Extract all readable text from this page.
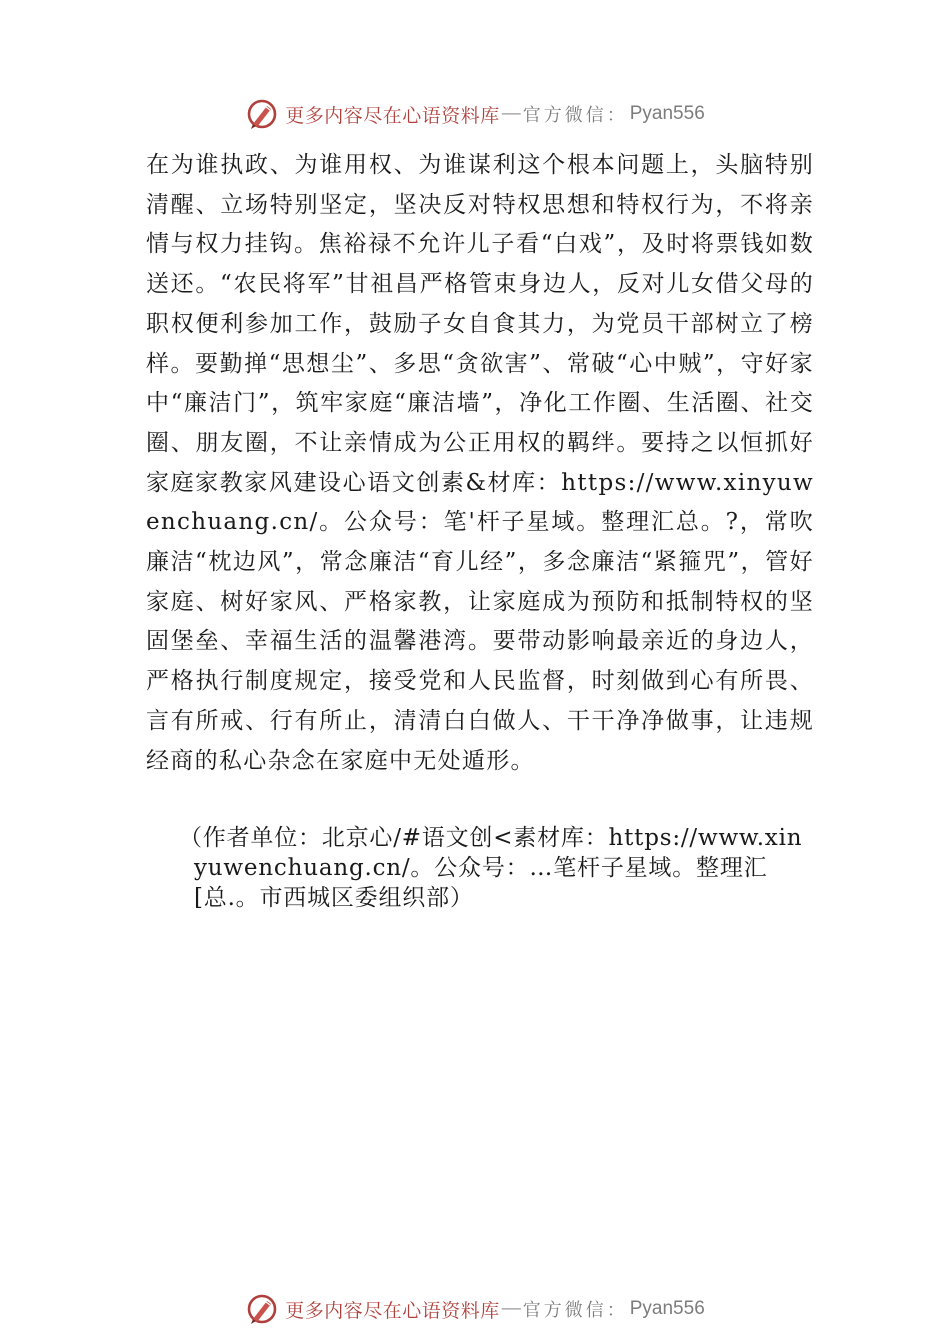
更多内容尽在心语资料库 — 官方微信： Pyan556

在为谁执政、为谁用权、为谁谋利这个根本问题上，头脑特别清醒、立场特别坚定，坚决反对特权思想和特权行为，不将亲情与权力挂钩。焦裕禄不允许儿子看“白戏”，及时将票钱如数送还。“农民将军”甘祖昌严格管束身边人，反对儿女借父母的职权便利参加工作，鼓励子女自食其力，为党员干部树立了榜样。要勤掸“思想尘”、多思“贪欲害”、常破“心中贼”，守好家中“廉洁门”，筑牢家庭“廉洁墙”，净化工作圈、生活圈、社交圈、朋友圈，不让亲情成为公正用权的羁绊。要持之以恒抓好家庭家教家风建设心语文创素&材库：https://www.xinyuwenchuang.cn/。公众号：笔'杆子星域。整理汇总。?，常吹廉洁“枕边风”，常念廉洁“育儿经”，多念廉洁“紧箍咒”，管好家庭、树好家风、严格家教，让家庭成为预防和抵制特权的坚固堡垒、幸福生活的温馨港湾。要带动影响最亲近的身边人，严格执行制度规定，接受党和人民监督，时刻做到心有所畏、言有所戒、行有所止，清清白白做人、干干净净做事，让违规经商的私心杂念在家庭中无处遁形。

（作者单位：北京心/#语文创<素材库：https://www.xinyuwenchuang.cn/。公众号：…笔杆子星域。整理汇[总.。市西城区委组织部）

更多内容尽在心语资料库 — 官方微信： Pyan556
